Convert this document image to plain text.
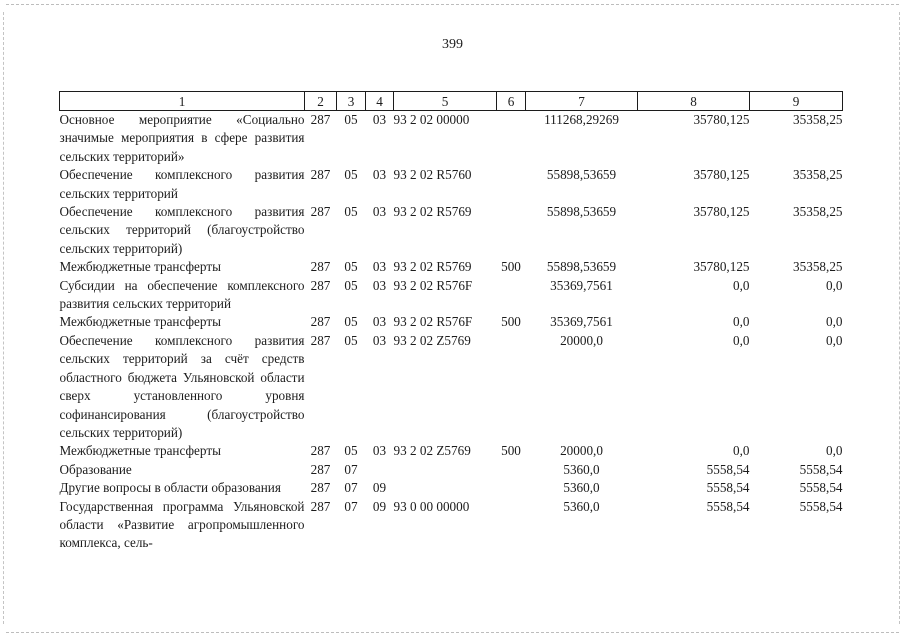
399
1	2	3	4	5	6	7	8	9
Основное мероприятие «Социально значимые мероприятия в сфере развития сельских территорий»	287	05	03	93 2 02 00000		111268,29269	35780,125	35358,25
Обеспечение комплексного развития сельских территорий	287	05	03	93 2 02 R5760		55898,53659	35780,125	35358,25
Обеспечение комплексного развития сельских территорий (благоустройство сельских территорий)	287	05	03	93 2 02 R5769		55898,53659	35780,125	35358,25
Межбюджетные трансферты	287	05	03	93 2 02 R5769	500	55898,53659	35780,125	35358,25
Субсидии на обеспечение комплексного развития сельских территорий	287	05	03	93 2 02 R576F		35369,7561	0,0	0,0
Межбюджетные трансферты	287	05	03	93 2 02 R576F	500	35369,7561	0,0	0,0
Обеспечение комплексного развития сельских территорий за счёт средств областного бюджета Ульяновской области сверх установленного уровня софинансирования (благоустройство сельских территорий)	287	05	03	93 2 02 Z5769		20000,0	0,0	0,0
Межбюджетные трансферты	287	05	03	93 2 02 Z5769	500	20000,0	0,0	0,0
Образование	287	07				5360,0	5558,54	5558,54
Другие вопросы в области образования	287	07	09			5360,0	5558,54	5558,54
Государственная программа Ульяновской области «Развитие агропромышленного комплекса, сель-	287	07	09	93 0 00 00000		5360,0	5558,54	5558,54
